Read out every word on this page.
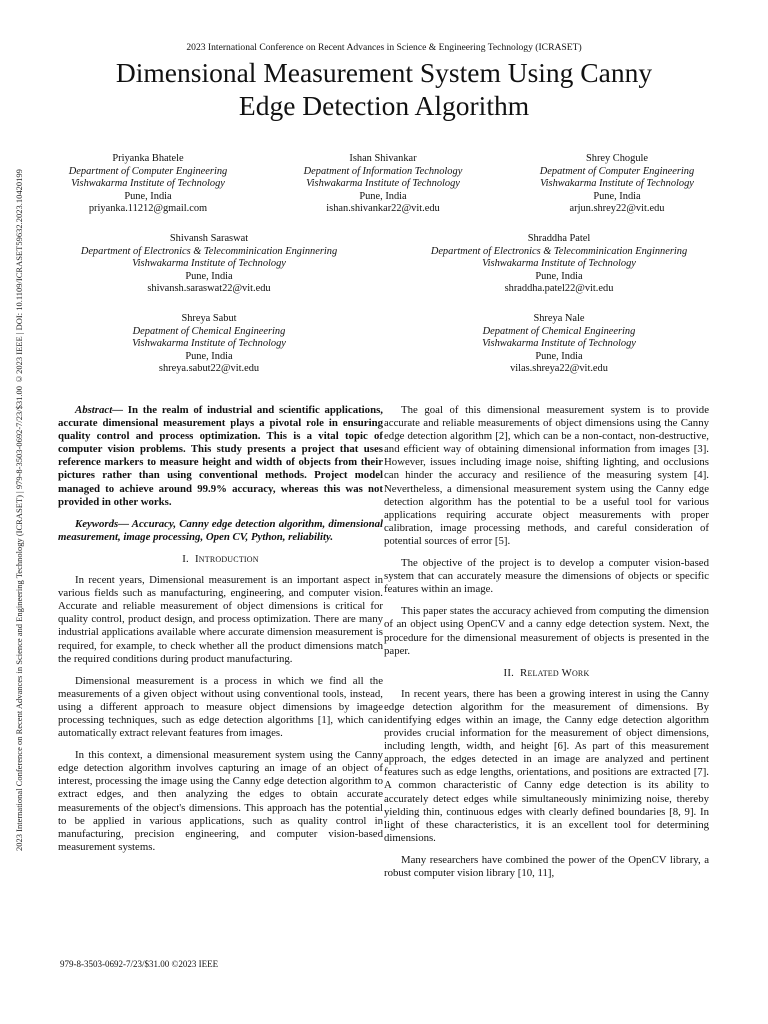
2023 International Conference on Recent Advances in Science and Engineering Technology (ICRASET) | 979-8-3503-0692-7/23/$31.00 ©2023 IEEE | DOI: 10.1109/ICRASET59632.2023.10420199
2023 International Conference on Recent Advances in Science & Engineering Technology (ICRASET)
Dimensional Measurement System Using Canny
Edge Detection Algorithm
Priyanka Bhatele
Department of Computer Engineering
Vishwakarma Institute of Technology
Pune, India
priyanka.11212@gmail.com
Ishan Shivankar
Depatment of Information Technology
Vishwakarma Institute of Technology
Pune, India
ishan.shivankar22@vit.edu
Shrey Chogule
Depatment of Computer Engineering
Vishwakarma Institute of Technology
Pune, India
arjun.shrey22@vit.edu
Shivansh Saraswat
Department of Electronics & Telecomminication Enginnering
Vishwakarma Institute of Technology
Pune, India
shivansh.saraswat22@vit.edu
Shraddha Patel
Department of Electronics & Telecomminication Enginnering
Vishwakarma Institute of Technology
Pune, India
shraddha.patel22@vit.edu
Shreya Sabut
Depatment of Chemical Engineering
Vishwakarma Institute of Technology
Pune, India
shreya.sabut22@vit.edu
Shreya Nale
Depatment of Chemical Engineering
Vishwakarma Institute of Technology
Pune, India
vilas.shreya22@vit.edu

Abstract— In the realm of industrial and scientific applications, accurate dimensional measurement plays a pivotal role in ensuring quality control and process optimization. This is a vital topic of computer vision problems. This study presents a project that uses reference markers to measure height and width of objects from their pictures rather than using conventional methods. Project model managed to achieve around 99.9% accuracy, whereas this was not provided in other works.

Keywords— Accuracy, Canny edge detection algorithm, dimensional measurement, image processing, Open CV, Python, reliability.

I. Introduction

In recent years, Dimensional measurement is an important aspect in various fields such as manufacturing, engineering, and computer vision. Accurate and reliable measurement of object dimensions is critical for quality control, product design, and process optimization. There are many industrial applications available where accurate dimension measurement is required, for example, to check whether all the product dimensions match the required conditions during product manufacturing.

Dimensional measurement is a process in which we find all the measurements of a given object without using conventional tools, instead, using a different approach to measure object dimensions by image processing techniques, such as edge detection algorithms [1], which can automatically extract relevant features from images.

In this context, a dimensional measurement system using the Canny edge detection algorithm involves capturing an image of an object of interest, processing the image using the Canny edge detection algorithm to extract edges, and then analyzing the edges to obtain accurate measurements of the object's dimensions. This approach has the potential to be applied in various applications, such as quality control in manufacturing, precision engineering, and computer vision-based measurement systems.

The goal of this dimensional measurement system is to provide accurate and reliable measurements of object dimensions using the Canny edge detection algorithm [2], which can be a non-contact, non-destructive, and efficient way of obtaining dimensional information from images [3]. However, issues including image noise, shifting lighting, and occlusions can hinder the accuracy and resilience of the measuring system [4]. Nevertheless, a dimensional measurement system using the Canny edge detection algorithm has the potential to be a useful tool for various applications requiring accurate object measurements with proper calibration, image processing methods, and careful consideration of potential sources of error [5].

The objective of the project is to develop a computer vision-based system that can accurately measure the dimensions of objects or specific features within an image.

This paper states the accuracy achieved from computing the dimension of an object using OpenCV and a canny edge detection system. Next, the procedure for the dimensional measurement of objects is presented in the paper.

II. Related Work

In recent years, there has been a growing interest in using the Canny edge detection algorithm for the measurement of dimensions. By identifying edges within an image, the Canny edge detection algorithm provides crucial information for the measurement of object dimensions, including length, width, and height [6]. As part of this measurement approach, the edges detected in an image are analyzed and pertinent features such as edge lengths, orientations, and positions are extracted [7]. A common characteristic of Canny edge detection is its ability to accurately detect edges while simultaneously minimizing noise, thereby yielding thin, continuous edges with clearly defined boundaries [8, 9]. In light of these characteristics, it is an excellent tool for determining dimensions.

Many researchers have combined the power of the OpenCV library, a robust computer vision library [10, 11],

979-8-3503-0692-7/23/$31.00 ©2023 IEEE
